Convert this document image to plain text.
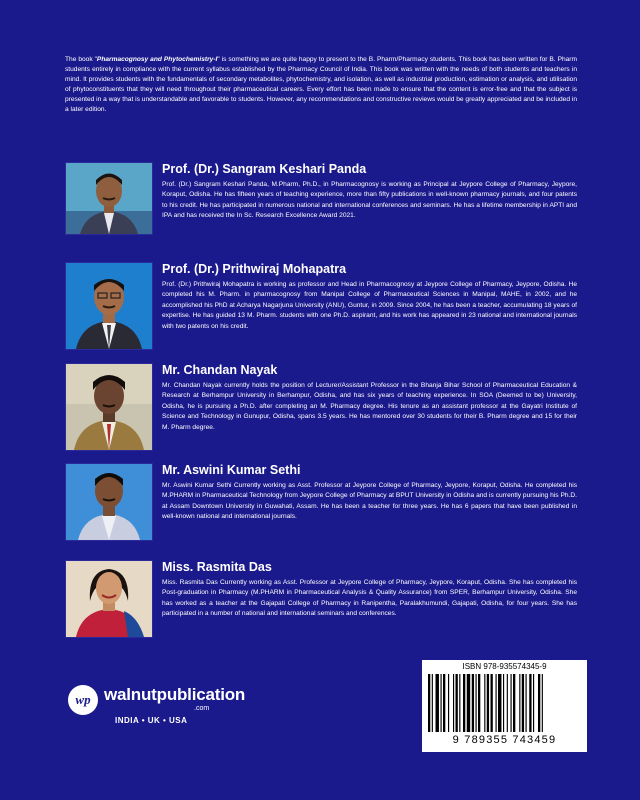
The book "Pharmacognosy and Phytochemistry-I" is something we are quite happy to present to the B. Pharm/Pharmacy students. This book has been written for B. Pharm students entirely in compliance with the current syllabus established by the Pharmacy Council of India. This book was written with the needs of both students and teachers in mind. It provides students with the fundamentals of secondary metabolites, phytochemistry, and isolation, as well as industrial production, estimation or analysis, and utilisation of phytoconstituents that they will need throughout their pharmaceutical careers. Every effort has been made to ensure that the content is error-free and that the subject is presented in a way that is understandable and favorable to students. However, any recommendations and constructive reviews would be greatly appreciated and be included in a later edition.

Prof. (Dr.) Sangram Keshari Panda

Prof. (Dr.) Sangram Keshari Panda, M.Pharm, Ph.D., in Pharmacognosy is working as Principal at Jeypore College of Pharmacy, Jeypore, Koraput, Odisha. He has fifteen years of teaching experience, more than fifty publications in well-known pharmacy journals, and four patents to his credit. He has participated in numerous national and international conferences and seminars. He has a lifetime membership in APTI and IPA and has received the In Sc. Research Excellence Award 2021.

Prof. (Dr.) Prithwiraj Mohapatra

Prof. (Dr.) Prithwiraj Mohapatra is working as professor and Head in Pharmacognosy at Jeypore College of Pharmacy, Jeypore, Odisha. He completed his M. Pharm. in pharmacognosy from Manipal College of Pharmaceutical Sciences in Manipal, MAHE, in 2002, and he accomplished his PhD at Acharya Nagarjuna University (ANU), Guntur, in 2009. Since 2004, he has been a teacher, accumulating 18 years of expertise. He has guided 13 M. Pharm. students with one Ph.D. aspirant, and his work has appeared in 23 national and international journals with two patents on his credit.

Mr. Chandan Nayak

Mr. Chandan Nayak currently holds the position of Lecturer/Assistant Professor in the Bhanja Bihar School of Pharmaceutical Education & Research at Berhampur University in Berhampur, Odisha, and has six years of teaching experience. In SOA (Deemed to be) University, Odisha, he is pursuing a Ph.D. after completing an M. Pharmacy degree. His tenure as an assistant professor at the Gayatri Institute of Science and Technology in Gunupur, Odisha, spans 3.5 years. He has mentored over 30 students for their B. Pharm degree and 15 for their M. Pharm degree.

Mr. Aswini Kumar Sethi

Mr. Aswini Kumar Sethi Currently working as Asst. Professor at Jeypore College of Pharmacy, Jeypore, Koraput, Odisha. He completed his M.PHARM in Pharmaceutical Technology from Jeypore College of Pharmacy at BPUT University in Odisha and is currently pursuing his Ph.D. at Assam Downtown University in Guwahati, Assam. He has been a teacher for three years. He has 6 papers that have been published in well-known national and international journals.

Miss. Rasmita Das

Miss. Rasmita Das Currently working as Asst. Professor at Jeypore College of Pharmacy, Jeypore, Koraput, Odisha. She has completed his Post-graduation in Pharmacy (M.PHARM in Pharmaceutical Analysis & Quality Assurance) from SPER, Berhampur University, Odisha. She has worked as a teacher at the Gajapati College of Pharmacy in Ranipentha, Paralakhumundi, Gajapati, Odisha, for four years. She has participated in a number of national and international seminars and conferences.

wp walnutpublication
.com
INDIA • UK • USA
ISBN 978-935574345-9
9 789355 743459
